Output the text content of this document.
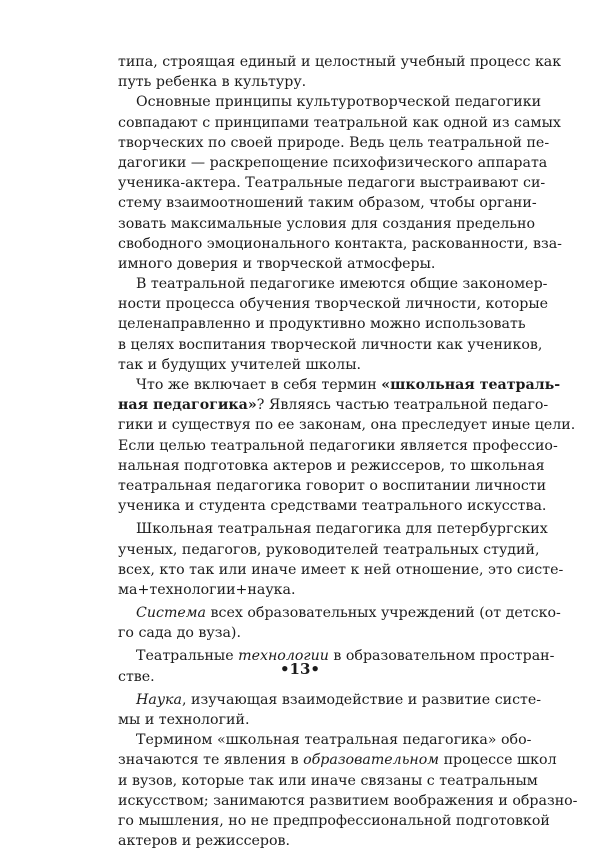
типа, строящая единый и целостный учебный процесс как
путь ребенка в культуру.
Основные принципы культуротворческой педагогики
совпадают с принципами театральной как одной из самых
творческих по своей природе. Ведь цель театральной пе-
дагогики — раскрепощение психофизического аппарата
ученика-актера. Театральные педагоги выстраивают си-
стему взаимоотношений таким образом, чтобы органи-
зовать максимальные условия для создания предельно
свободного эмоционального контакта, раскованности, вза-
имного доверия и творческой атмосферы.
В театральной педагогике имеются общие закономер-
ности процесса обучения творческой личности, которые
целенаправленно и продуктивно можно использовать
в целях воспитания творческой личности как учеников,
так и будущих учителей школы.
Что же включает в себя термин «школьная театраль-
ная педагогика»? Являясь частью театральной педаго-
гики и существуя по ее законам, она преследует иные цели.
Если целью театральной педагогики является профессио-
нальная подготовка актеров и режиссеров, то школьная
театральная педагогика говорит о воспитании личности
ученика и студента средствами театрального искусства.
Школьная театральная педагогика для петербургских
ученых, педагогов, руководителей театральных студий,
всех, кто так или иначе имеет к ней отношение, это систе-
ма+технологии+наука.
Система всех образовательных учреждений (от детско-
го сада до вуза).
Театральные технологии в образовательном простран-
стве.
Наука, изучающая взаимодействие и развитие систе-
мы и технологий.
Термином «школьная театральная педагогика» обо-
значаются те явления в образовательном процессе школ
и вузов, которые так или иначе связаны с театральным
искусством; занимаются развитием воображения и образно-
го мышления, но не предпрофессиональной подготовкой
актеров и режиссеров.
•13•
